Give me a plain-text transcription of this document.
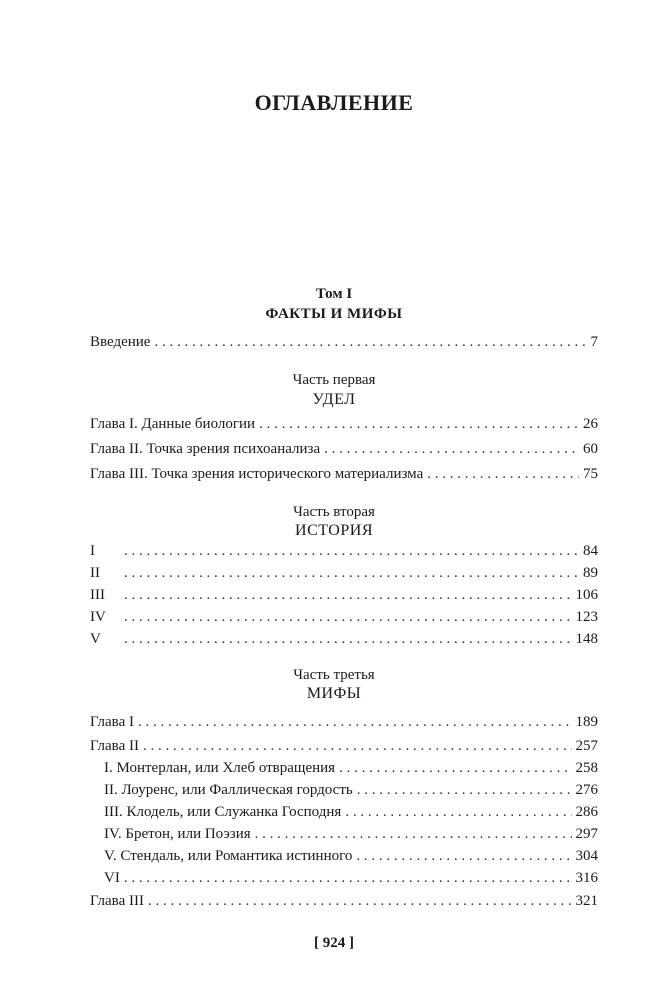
ОГЛАВЛЕНИЕ
Том I
ФАКТЫ И МИФЫ
Введение . . .	7
Часть первая
УДЕЛ
Глава I. Данные биологии . . .	26
Глава II. Точка зрения психоанализа . . .	60
Глава III. Точка зрения исторического материализма . . .	75
Часть вторая
ИСТОРИЯ
I . . .	84
II . . .	89
III . . .	106
IV . . .	123
V . . .	148
Часть третья
МИФЫ
Глава I . . .	189
Глава II . . .	257
I. Монтерлан, или Хлеб отвращения . . .	258
II. Лоуренс, или Фаллическая гордость . . .	276
III. Клодель, или Служанка Господня . . .	286
IV. Бретон, или Поэзия . . .	297
V. Стендаль, или Романтика истинного . . .	304
VI . . .	316
Глава III . . .	321
[ 924 ]
